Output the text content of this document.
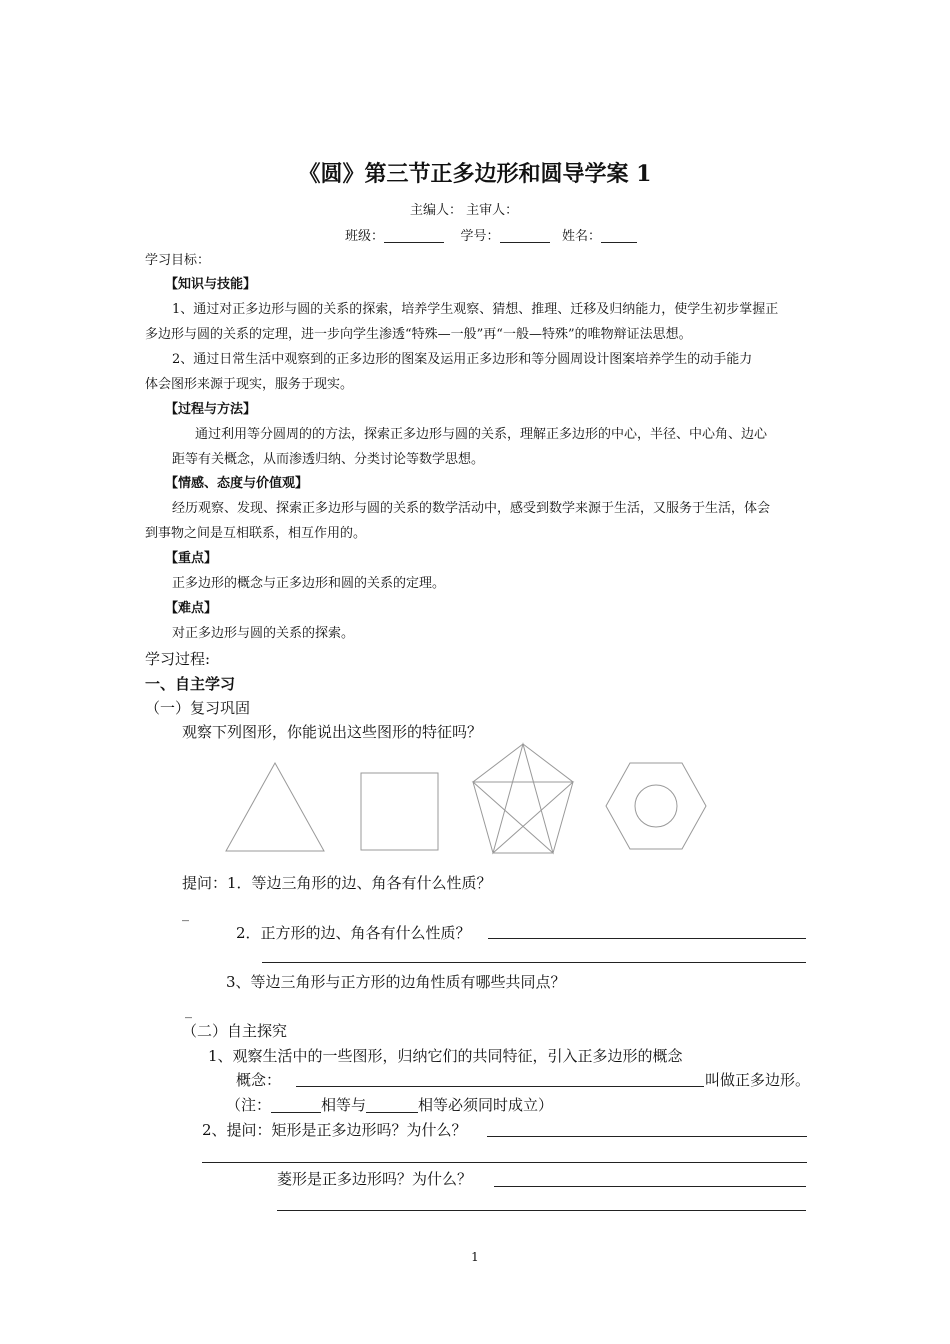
《圆》第三节正多边形和圆导学案 1
主编人： 主审人：
班级：	学号：	姓名：
学习目标：
【知识与技能】
1、通过对正多边形与圆的关系的探索，培养学生观察、猜想、推理、迁移及归纳能力，使学生初步掌握正
多边形与圆的关系的定理，进一步向学生渗透“特殊—一般”再“一般—特殊”的唯物辩证法思想。
2、通过日常生活中观察到的正多边形的图案及运用正多边形和等分圆周设计图案培养学生的动手能力
体会图形来源于现实，服务于现实。
【过程与方法】
通过利用等分圆周的的方法，探索正多边形与圆的关系，理解正多边形的中心，半径、中心角、边心
距等有关概念，从而渗透归纳、分类讨论等数学思想。
【情感、态度与价值观】
经历观察、发现、探索正多边形与圆的关系的数学活动中，感受到数学来源于生活，又服务于生活，体会
到事物之间是互相联系，相互作用的。
【重点】
正多边形的概念与正多边形和圆的关系的定理。
【难点】
对正多边形与圆的关系的探索。
学习过程:
一、自主学习
（一）复习巩固
观察下列图形，你能说出这些图形的特征吗？
提问：1．等边三角形的边、角各有什么性质？
_
2．正方形的边、角各有什么性质？
3、等边三角形与正方形的边角性质有哪些共同点？
_
（二）自主探究
1、观察生活中的一些图形，归纳它们的共同特征，引入正多边形的概念
概念：	叫做正多边形。
（注：	相等与	相等必须同时成立）
2、提问：矩形是正多边形吗？为什么？
菱形是正多边形吗？为什么？
1
